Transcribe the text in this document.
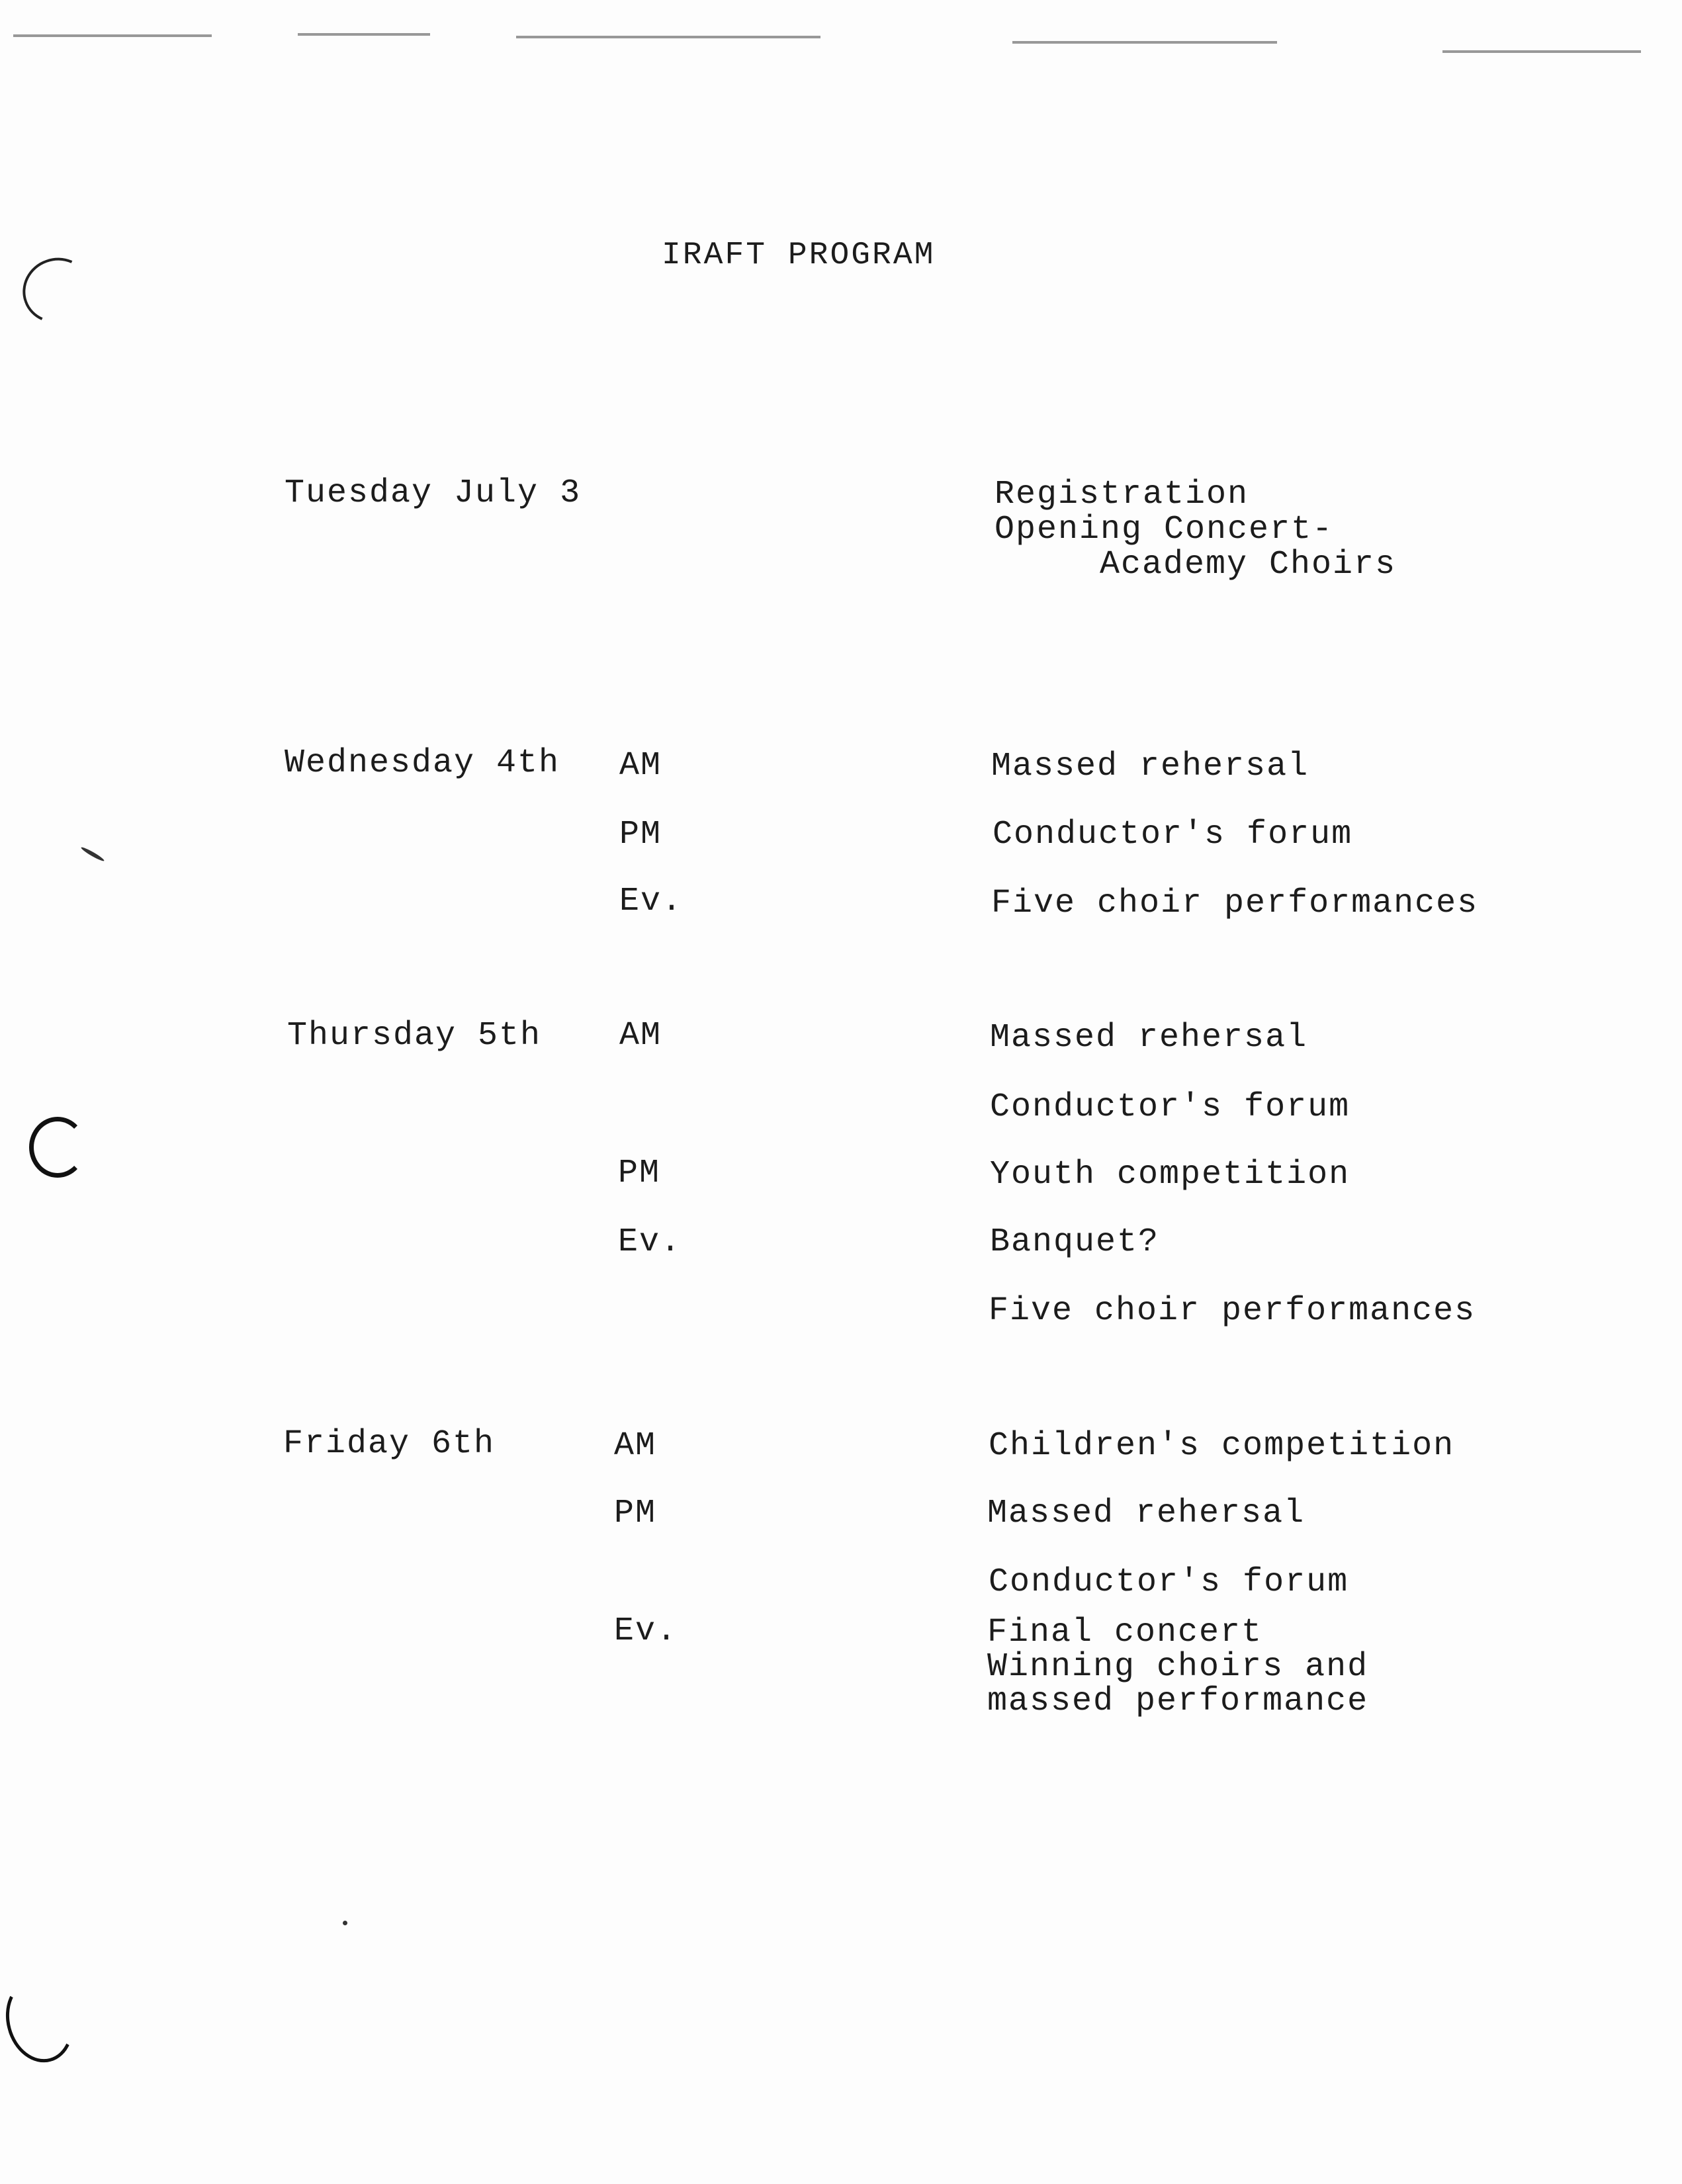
IRAFT PROGRAM
Tuesday July 3	Registration
Opening Concert-
Academy Choirs
Wednesday 4th AM	Massed rehersal
PM	Conductor's forum
Ev.	Five choir performances
Thursday 5th AM	Massed rehersal
Conductor's forum
PM	Youth competition
Ev.	Banquet?
Five choir performances
Friday 6th	AM	Children's competition
PM	Massed rehersal
Conductor's forum
Ev.	Final concert
Winning choirs and
massed performance
